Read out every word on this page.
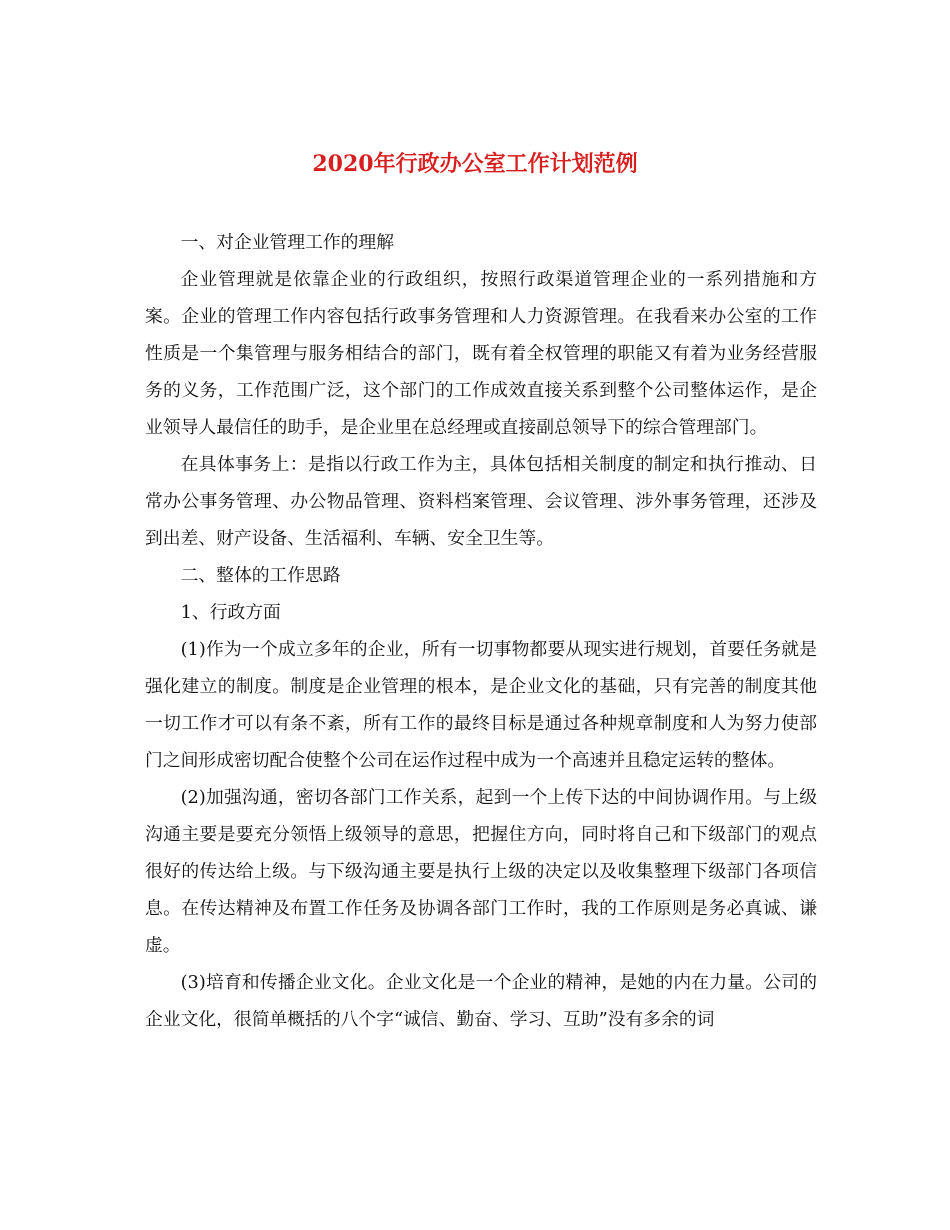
2020年行政办公室工作计划范例

一、对企业管理工作的理解

企业管理就是依靠企业的行政组织，按照行政渠道管理企业的一系列措施和方案。企业的管理工作内容包括行政事务管理和人力资源管理。在我看来办公室的工作性质是一个集管理与服务相结合的部门，既有着全权管理的职能又有着为业务经营服务的义务，工作范围广泛，这个部门的工作成效直接关系到整个公司整体运作，是企业领导人最信任的助手，是企业里在总经理或直接副总领导下的综合管理部门。

在具体事务上：是指以行政工作为主，具体包括相关制度的制定和执行推动、日常办公事务管理、办公物品管理、资料档案管理、会议管理、涉外事务管理，还涉及到出差、财产设备、生活福利、车辆、安全卫生等。

二、整体的工作思路

1、行政方面

(1)作为一个成立多年的企业，所有一切事物都要从现实进行规划，首要任务就是强化建立的制度。制度是企业管理的根本，是企业文化的基础，只有完善的制度其他一切工作才可以有条不紊，所有工作的最终目标是通过各种规章制度和人为努力使部门之间形成密切配合使整个公司在运作过程中成为一个高速并且稳定运转的整体。

(2)加强沟通，密切各部门工作关系，起到一个上传下达的中间协调作用。与上级沟通主要是要充分领悟上级领导的意思，把握住方向，同时将自己和下级部门的观点很好的传达给上级。与下级沟通主要是执行上级的决定以及收集整理下级部门各项信息。在传达精神及布置工作任务及协调各部门工作时，我的工作原则是务必真诚、谦虚。

(3)培育和传播企业文化。企业文化是一个企业的精神，是她的内在力量。公司的企业文化，很简单概括的八个字“诚信、勤奋、学习、互助”没有多余的词
